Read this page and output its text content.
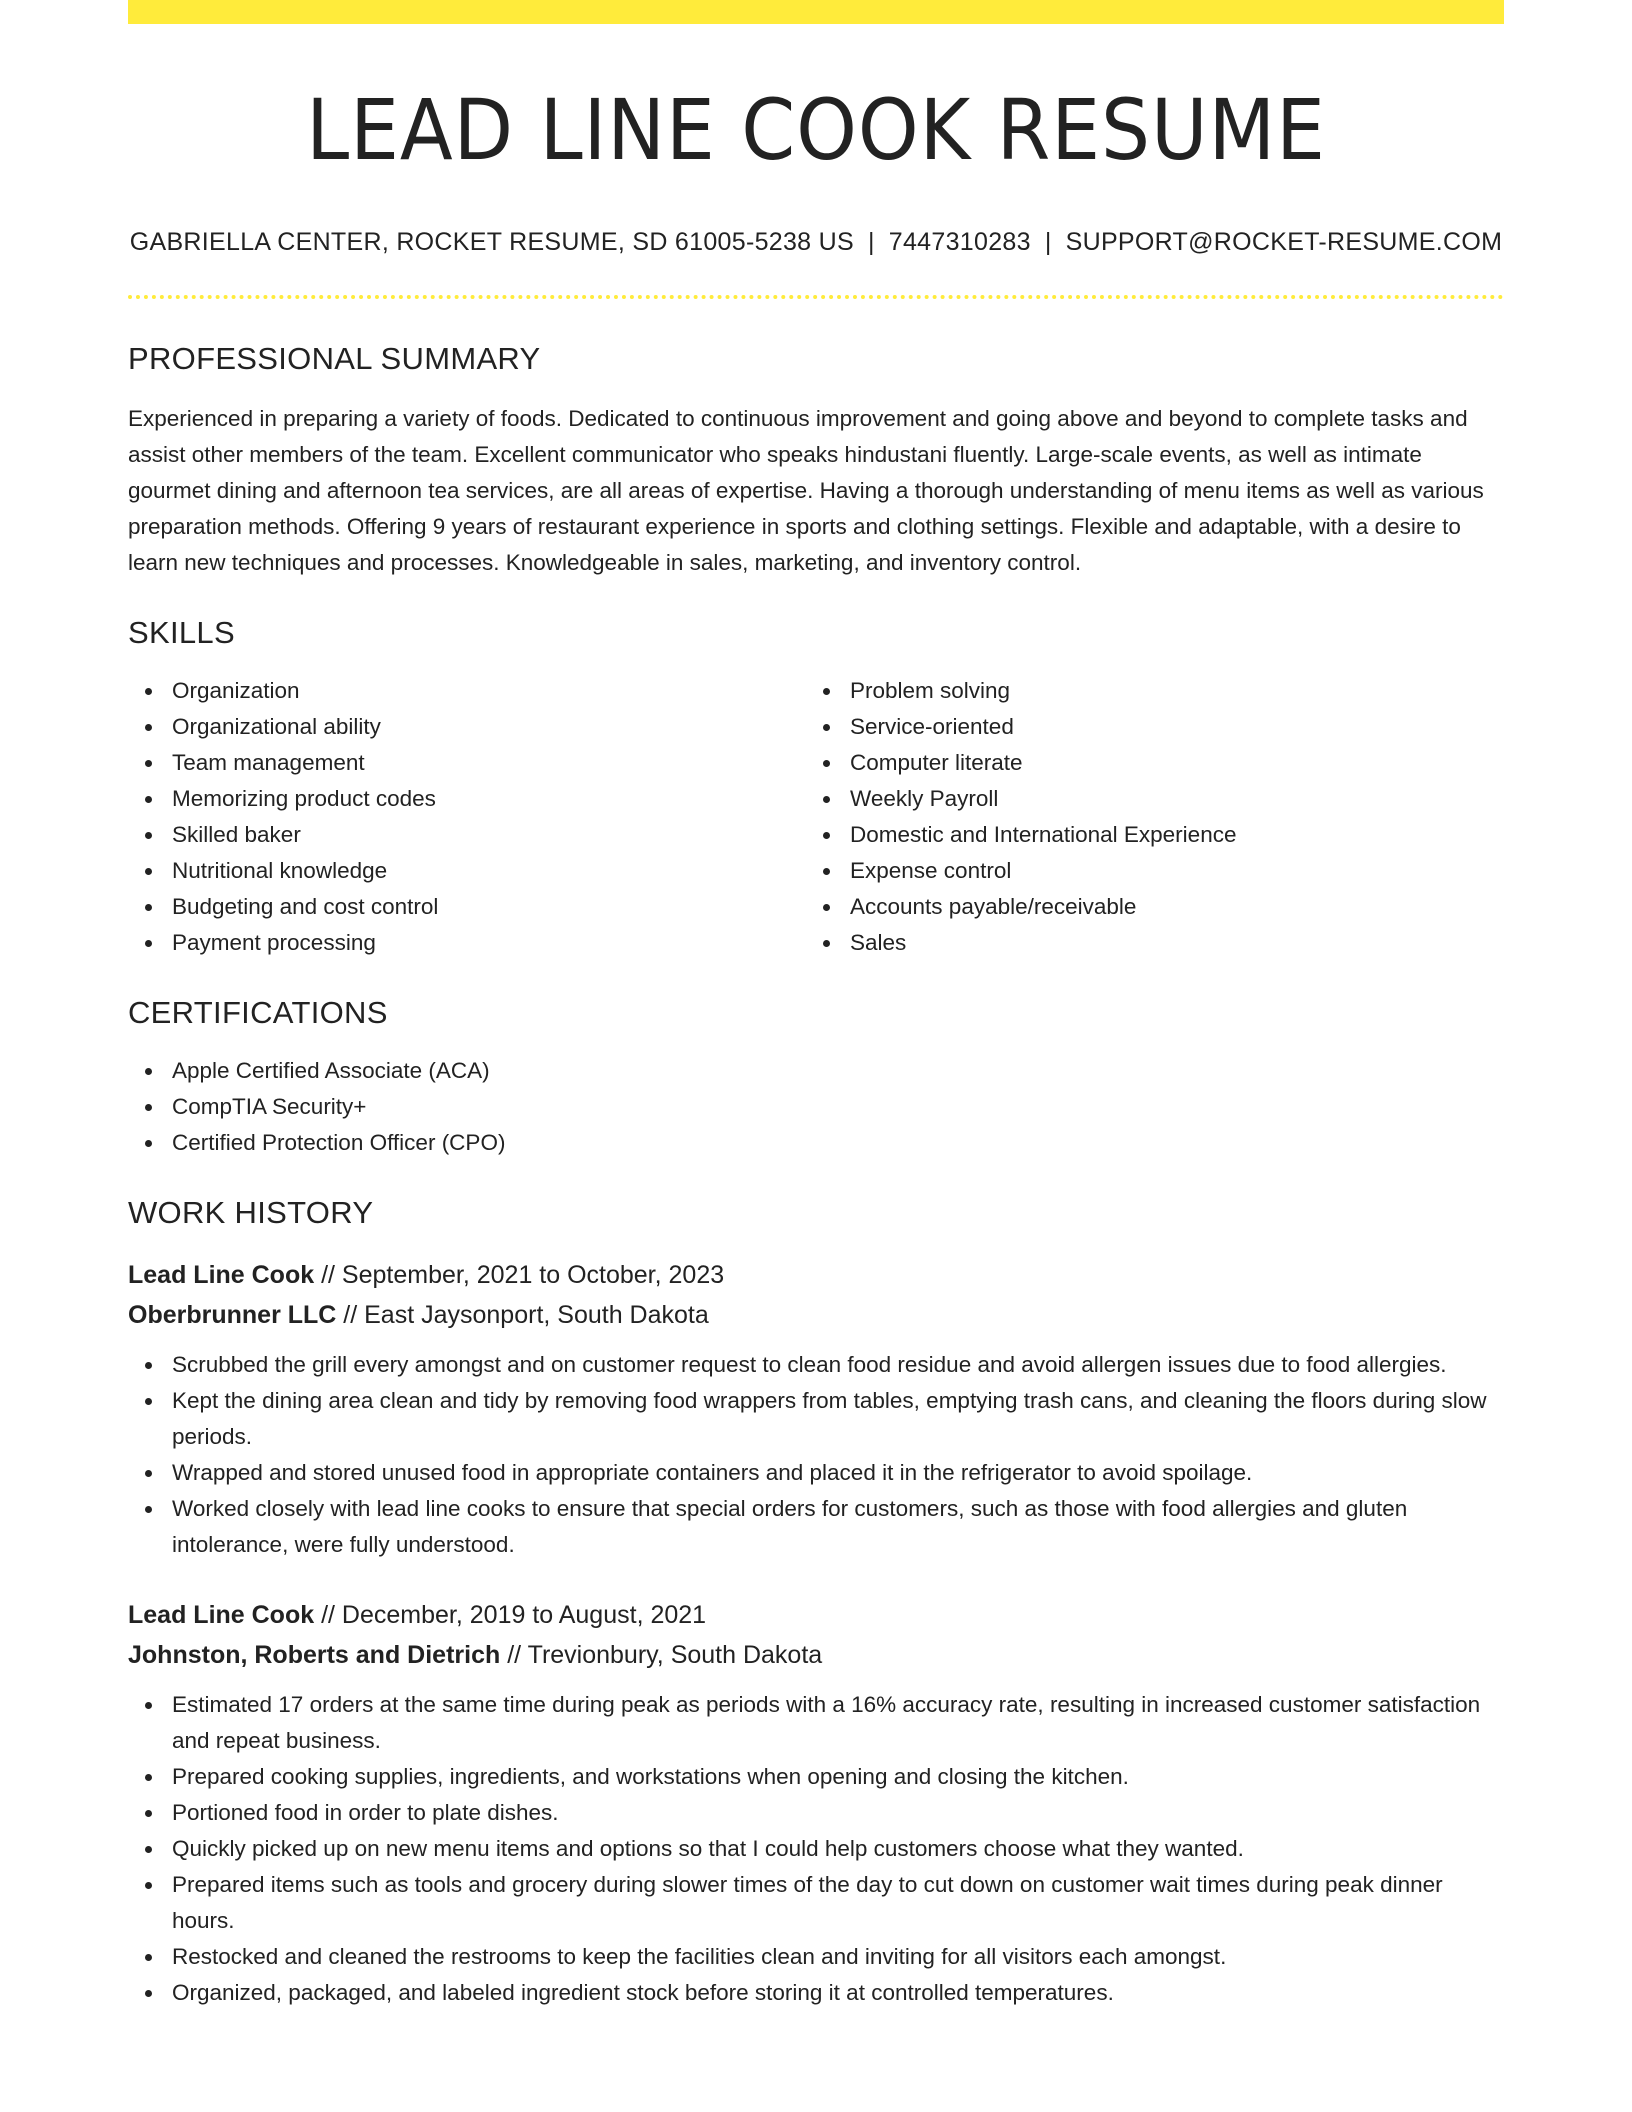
LEAD LINE COOK RESUME
GABRIELLA CENTER, ROCKET RESUME, SD 61005-5238 US | 7447310283 | SUPPORT@ROCKET-RESUME.COM
PROFESSIONAL SUMMARY

Experienced in preparing a variety of foods. Dedicated to continuous improvement and going above and beyond to complete tasks and assist other members of the team. Excellent communicator who speaks hindustani fluently. Large-scale events, as well as intimate gourmet dining and afternoon tea services, are all areas of expertise. Having a thorough understanding of menu items as well as various preparation methods. Offering 9 years of restaurant experience in sports and clothing settings. Flexible and adaptable, with a desire to learn new techniques and processes. Knowledgeable in sales, marketing, and inventory control.

SKILLS
Organization
Organizational ability
Team management
Memorizing product codes
Skilled baker
Nutritional knowledge
Budgeting and cost control
Payment processing
Problem solving
Service-oriented
Computer literate
Weekly Payroll
Domestic and International Experience
Expense control
Accounts payable/receivable
Sales
CERTIFICATIONS
Apple Certified Associate (ACA)
CompTIA Security+
Certified Protection Officer (CPO)
WORK HISTORY
Lead Line Cook // September, 2021 to October, 2023
Oberbrunner LLC // East Jaysonport, South Dakota
Scrubbed the grill every amongst and on customer request to clean food residue and avoid allergen issues due to food allergies.
Kept the dining area clean and tidy by removing food wrappers from tables, emptying trash cans, and cleaning the floors during slow periods.
Wrapped and stored unused food in appropriate containers and placed it in the refrigerator to avoid spoilage.
Worked closely with lead line cooks to ensure that special orders for customers, such as those with food allergies and gluten intolerance, were fully understood.
Lead Line Cook // December, 2019 to August, 2021
Johnston, Roberts and Dietrich // Trevionbury, South Dakota
Estimated 17 orders at the same time during peak as periods with a 16% accuracy rate, resulting in increased customer satisfaction and repeat business.
Prepared cooking supplies, ingredients, and workstations when opening and closing the kitchen.
Portioned food in order to plate dishes.
Quickly picked up on new menu items and options so that I could help customers choose what they wanted.
Prepared items such as tools and grocery during slower times of the day to cut down on customer wait times during peak dinner hours.
Restocked and cleaned the restrooms to keep the facilities clean and inviting for all visitors each amongst.
Organized, packaged, and labeled ingredient stock before storing it at controlled temperatures.
